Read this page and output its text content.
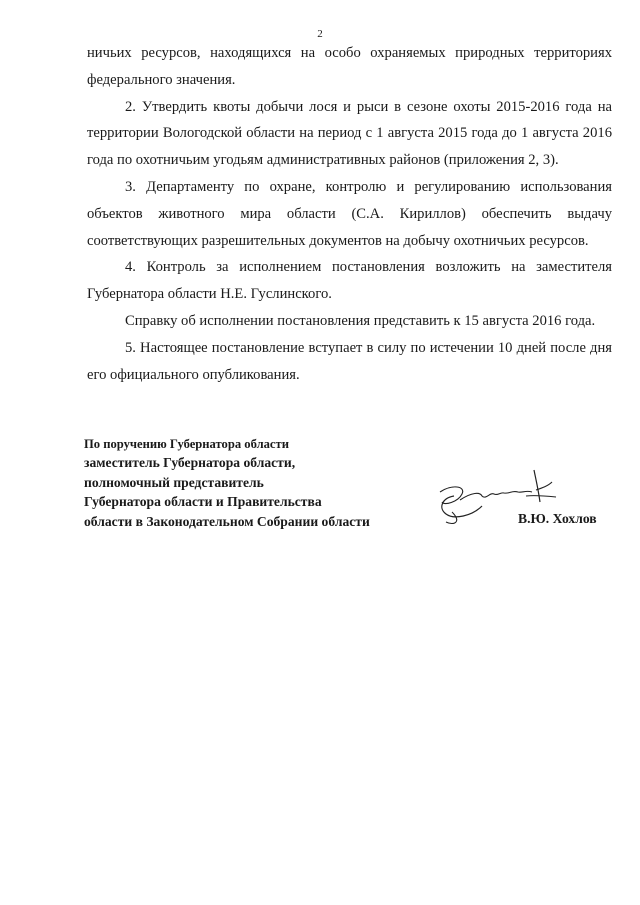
2

ничьих ресурсов, находящихся на особо охраняемых природных территориях федерального значения.

2. Утвердить квоты добычи лося и рыси в сезоне охоты 2015-2016 года на территории Вологодской области на период с 1 августа 2015 года до 1 августа 2016 года по охотничьим угодьям административных районов (приложения 2, 3).

3. Департаменту по охране, контролю и регулированию использования объектов животного мира области (С.А. Кириллов) обеспечить выдачу соответствующих разрешительных документов на добычу охотничьих ресурсов.

4. Контроль за исполнением постановления возложить на заместителя Губернатора области Н.Е. Гуслинского.

Справку об исполнении постановления представить к 15 августа 2016 года.

5. Настоящее постановление вступает в силу по истечении 10 дней после дня его официального опубликования.

По поручению Губернатора области
заместитель Губернатора области,
полномочный представитель
Губернатора области и Правительства
области в Законодательном Собрании области	В.Ю. Хохлов
